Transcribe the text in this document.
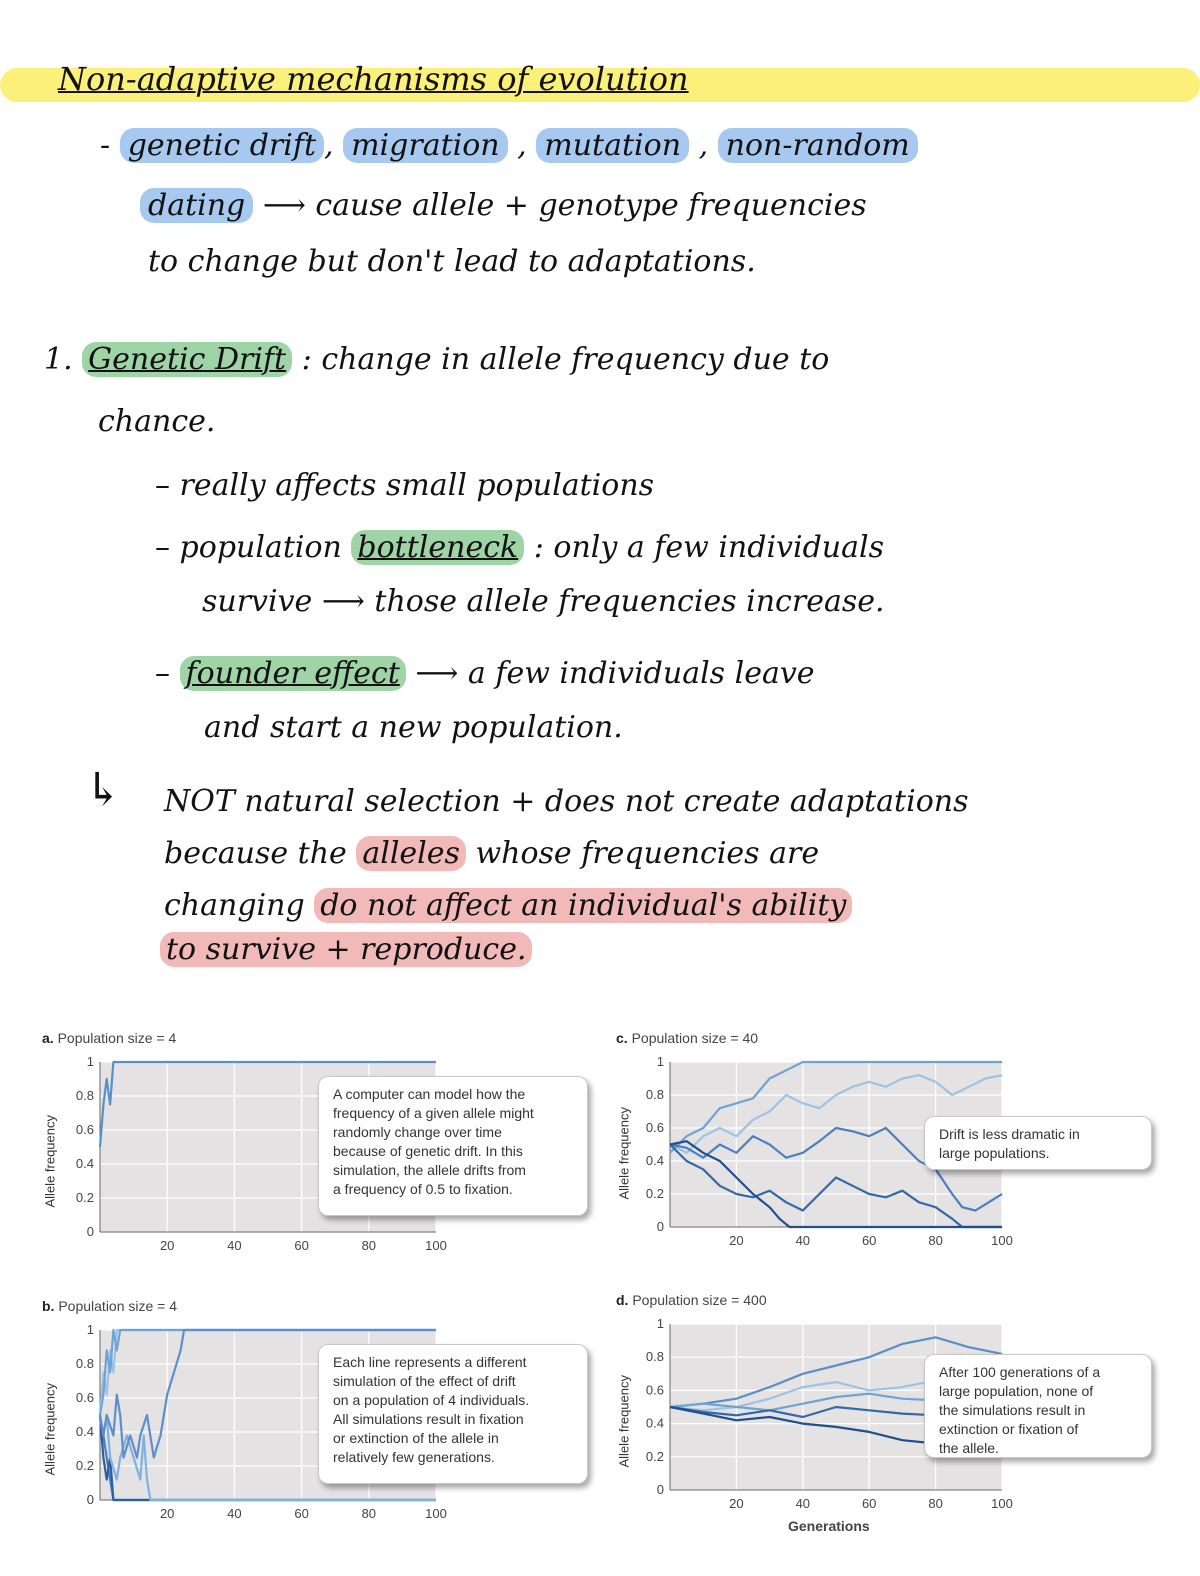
Non-adaptive mechanisms of evolution
- genetic drift , migration , mutation , non-random
dating ⟶ cause allele + genotype frequencies
to change but don't lead to adaptations.
1. Genetic Drift : change in allele frequency due to
chance.
– really affects small populations
– population bottleneck : only a few individuals
survive ⟶ those allele frequencies increase.
– founder effect ⟶ a few individuals leave
and start a new population.
↳ NOT natural selection + does not create adaptations
because the alleles whose frequencies are
changing do not affect an individual's ability
to survive + reproduce.
a. Population size = 4
Allele frequency
20	40	60	80	100
0
0.2
0.4
0.6
0.8
1
A computer can model how the
frequency of a given allele might
randomly change over time
because of genetic drift. In this
simulation, the allele drifts from
a frequency of 0.5 to fixation.
b. Population size = 4
Allele frequency
20	40	60	80	100
0
0.2
0.4
0.6
0.8
1
Each line represents a different
simulation of the effect of drift
on a population of 4 individuals.
All simulations result in fixation
or extinction of the allele in
relatively few generations.
c. Population size = 40
Allele frequency
20	40	60	80	100
0
0.2
0.4
0.6
0.8
1
Drift is less dramatic in
large populations.
d. Population size = 400
Allele frequency
20	40	60	80	100
0
0.2
0.4
0.6
0.8
1
After 100 generations of a
large population, none of
the simulations result in
extinction or fixation of
the allele.
Generations
